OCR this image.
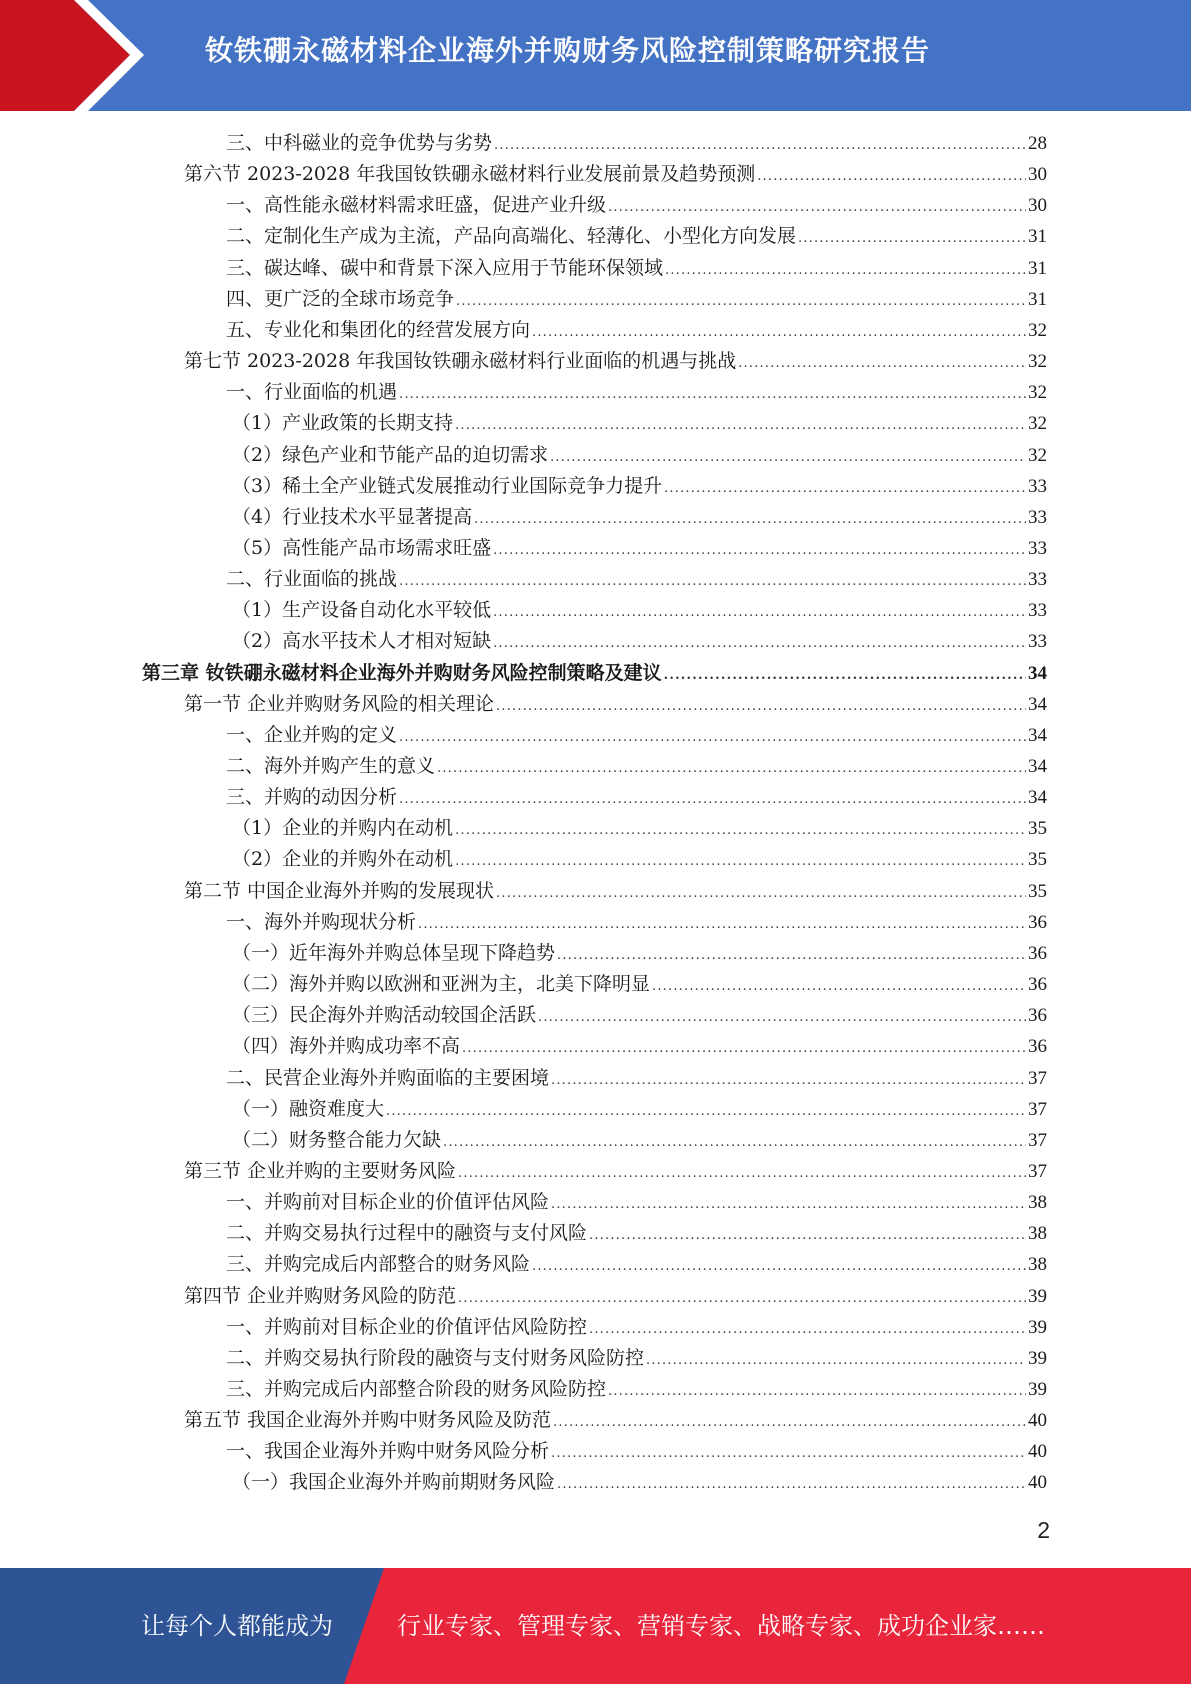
钕铁硼永磁材料企业海外并购财务风险控制策略研究报告
三、中科磁业的竞争优势与劣势 .....	28
第六节 2023-2028 年我国钕铁硼永磁材料行业发展前景及趋势预测 .....	30
一、高性能永磁材料需求旺盛，促进产业升级 .....	30
二、定制化生产成为主流，产品向高端化、轻薄化、小型化方向发展 .....	31
三、碳达峰、碳中和背景下深入应用于节能环保领域 .....	31
四、更广泛的全球市场竞争 .....	31
五、专业化和集团化的经营发展方向 .....	32
第七节 2023-2028 年我国钕铁硼永磁材料行业面临的机遇与挑战 .....	32
一、行业面临的机遇 .....	32
（1）产业政策的长期支持 .....	32
（2）绿色产业和节能产品的迫切需求 .....	32
（3）稀土全产业链式发展推动行业国际竞争力提升 .....	33
（4）行业技术水平显著提高 .....	33
（5）高性能产品市场需求旺盛 .....	33
二、行业面临的挑战 .....	33
（1）生产设备自动化水平较低 .....	33
（2）高水平技术人才相对短缺 .....	33
第三章 钕铁硼永磁材料企业海外并购财务风险控制策略及建议 .....	34
第一节 企业并购财务风险的相关理论 .....	34
一、企业并购的定义 .....	34
二、海外并购产生的意义 .....	34
三、并购的动因分析 .....	34
（1）企业的并购内在动机 .....	35
（2）企业的并购外在动机 .....	35
第二节 中国企业海外并购的发展现状 .....	35
一、海外并购现状分析 .....	36
（一）近年海外并购总体呈现下降趋势 .....	36
（二）海外并购以欧洲和亚洲为主，北美下降明显 .....	36
（三）民企海外并购活动较国企活跃 .....	36
（四）海外并购成功率不高 .....	36
二、民营企业海外并购面临的主要困境 .....	37
（一）融资难度大 .....	37
（二）财务整合能力欠缺 .....	37
第三节 企业并购的主要财务风险 .....	37
一、并购前对目标企业的价值评估风险 .....	38
二、并购交易执行过程中的融资与支付风险 .....	38
三、并购完成后内部整合的财务风险 .....	38
第四节 企业并购财务风险的防范 .....	39
一、并购前对目标企业的价值评估风险防控 .....	39
二、并购交易执行阶段的融资与支付财务风险防控 .....	39
三、并购完成后内部整合阶段的财务风险防控 .....	39
第五节 我国企业海外并购中财务风险及防范 .....	40
一、我国企业海外并购中财务风险分析 .....	40
（一）我国企业海外并购前期财务风险 .....	40
2
让每个人都能成为	行业专家、管理专家、营销专家、战略专家、成功企业家……
